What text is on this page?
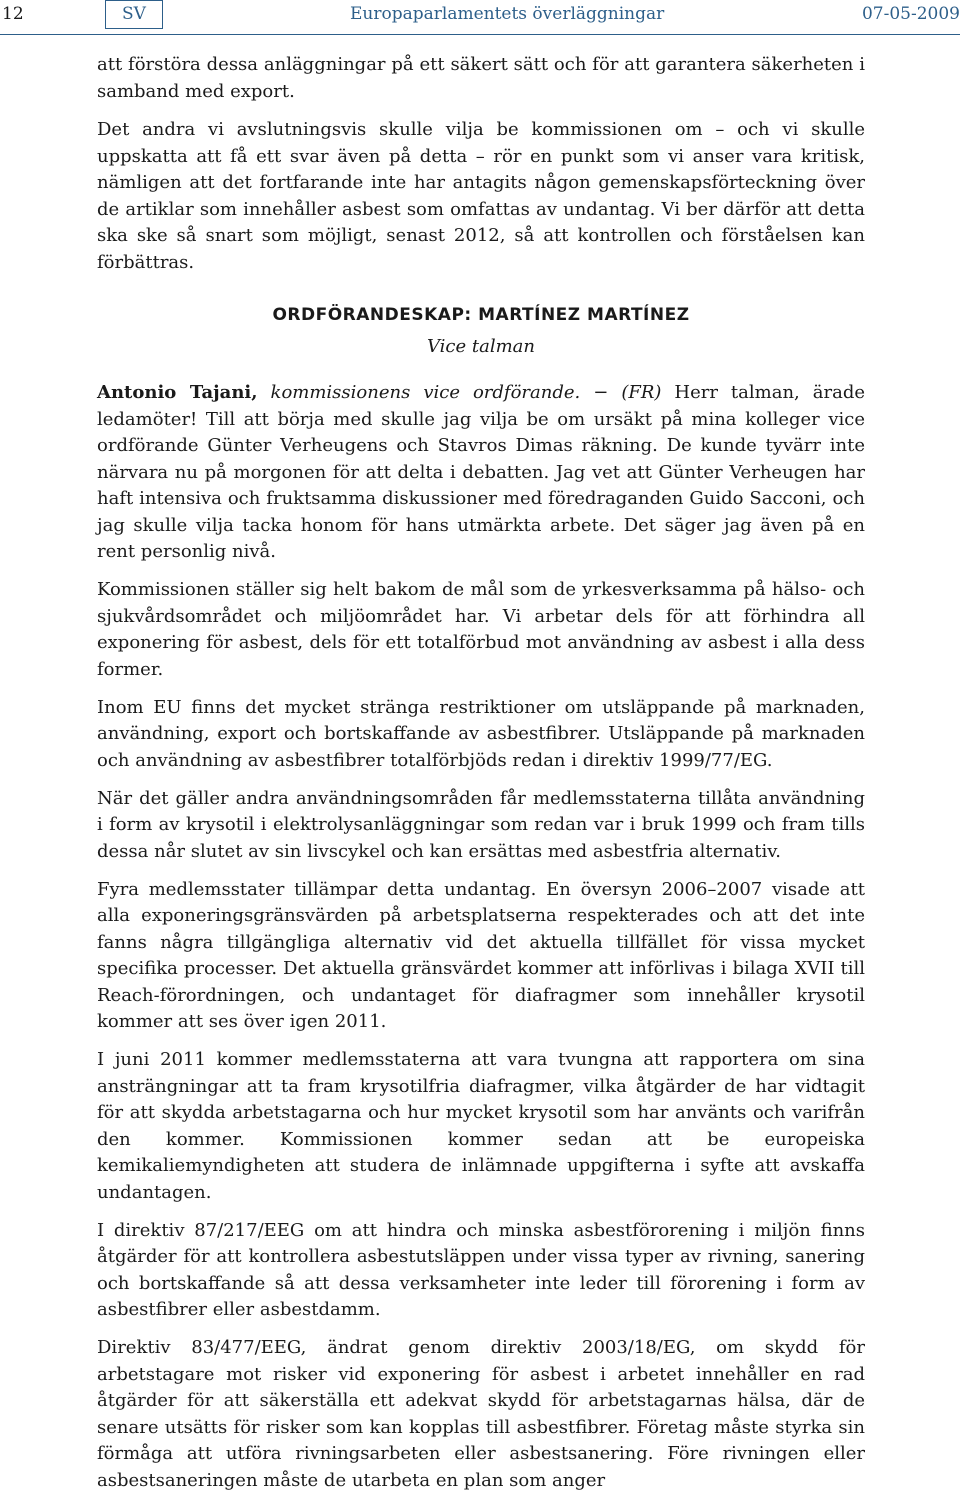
12	SV	Europaparlamentets överläggningar	07-05-2009

att förstöra dessa anläggningar på ett säkert sätt och för att garantera säkerheten i samband med export.

Det andra vi avslutningsvis skulle vilja be kommissionen om – och vi skulle uppskatta att få ett svar även på detta – rör en punkt som vi anser vara kritisk, nämligen att det fortfarande inte har antagits någon gemenskapsförteckning över de artiklar som innehåller asbest som omfattas av undantag. Vi ber därför att detta ska ske så snart som möjligt, senast 2012, så att kontrollen och förståelsen kan förbättras.

ORDFÖRANDESKAP: MARTÍNEZ MARTÍNEZ
Vice talman

Antonio Tajani, kommissionens vice ordförande. − (FR) Herr talman, ärade ledamöter! Till att börja med skulle jag vilja be om ursäkt på mina kolleger vice ordförande Günter Verheugens och Stavros Dimas räkning. De kunde tyvärr inte närvara nu på morgonen för att delta i debatten. Jag vet att Günter Verheugen har haft intensiva och fruktsamma diskussioner med föredraganden Guido Sacconi, och jag skulle vilja tacka honom för hans utmärkta arbete. Det säger jag även på en rent personlig nivå.

Kommissionen ställer sig helt bakom de mål som de yrkesverksamma på hälso- och sjukvårdsområdet och miljöområdet har. Vi arbetar dels för att förhindra all exponering för asbest, dels för ett totalförbud mot användning av asbest i alla dess former.

Inom EU finns det mycket stränga restriktioner om utsläppande på marknaden, användning, export och bortskaffande av asbestfibrer. Utsläppande på marknaden och användning av asbestfibrer totalförbjöds redan i direktiv 1999/77/EG.

När det gäller andra användningsområden får medlemsstaterna tillåta användning i form av krysotil i elektrolysanläggningar som redan var i bruk 1999 och fram tills dessa når slutet av sin livscykel och kan ersättas med asbestfria alternativ.

Fyra medlemsstater tillämpar detta undantag. En översyn 2006–2007 visade att alla exponeringsgränsvärden på arbetsplatserna respekterades och att det inte fanns några tillgängliga alternativ vid det aktuella tillfället för vissa mycket specifika processer. Det aktuella gränsvärdet kommer att införlivas i bilaga XVII till Reach-förordningen, och undantaget för diafragmer som innehåller krysotil kommer att ses över igen 2011.

I juni 2011 kommer medlemsstaterna att vara tvungna att rapportera om sina ansträngningar att ta fram krysotilfria diafragmer, vilka åtgärder de har vidtagit för att skydda arbetstagarna och hur mycket krysotil som har använts och varifrån den kommer. Kommissionen kommer sedan att be europeiska kemikaliemyndigheten att studera de inlämnade uppgifterna i syfte att avskaffa undantagen.

I direktiv 87/217/EEG om att hindra och minska asbestförorening i miljön finns åtgärder för att kontrollera asbestutsläppen under vissa typer av rivning, sanering och bortskaffande så att dessa verksamheter inte leder till förorening i form av asbestfibrer eller asbestdamm.

Direktiv 83/477/EEG, ändrat genom direktiv 2003/18/EG, om skydd för arbetstagare mot risker vid exponering för asbest i arbetet innehåller en rad åtgärder för att säkerställa ett adekvat skydd för arbetstagarnas hälsa, där de senare utsätts för risker som kan kopplas till asbestfibrer. Företag måste styrka sin förmåga att utföra rivningsarbeten eller asbestsanering. Före rivningen eller asbestsaneringen måste de utarbeta en plan som anger
